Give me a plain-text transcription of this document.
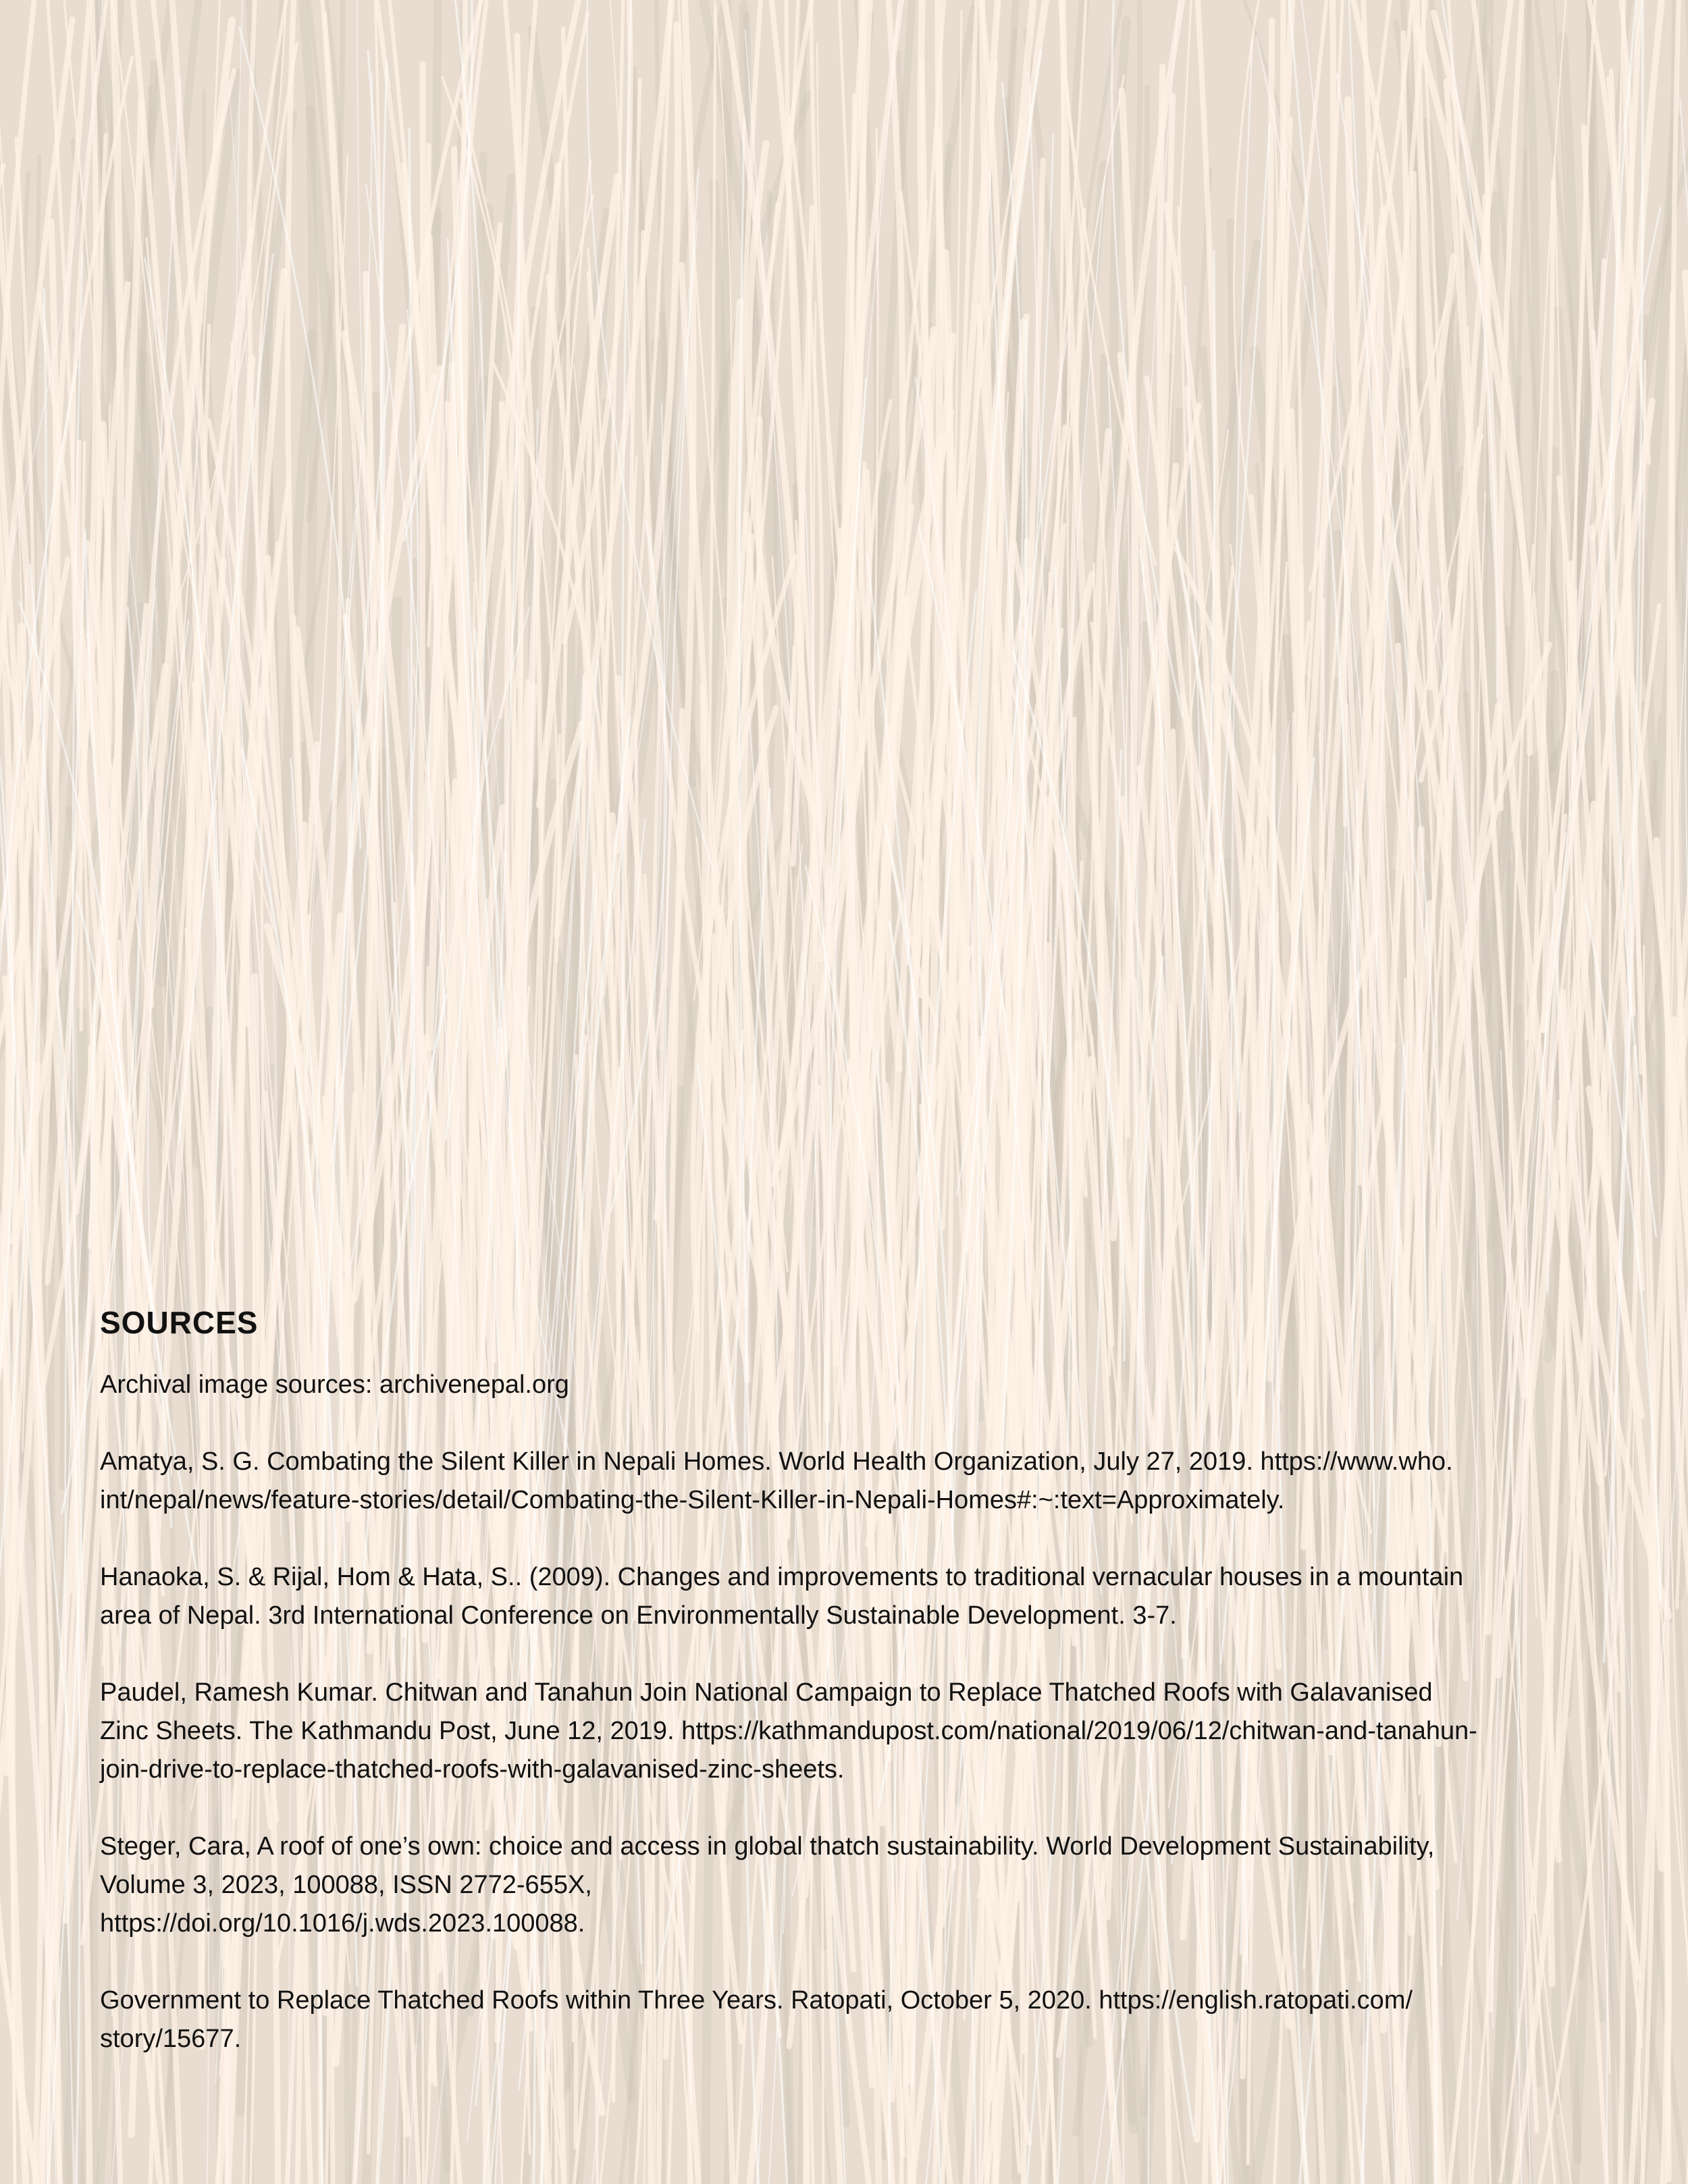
SOURCES

Archival image sources: archivenepal.org

Amatya, S. G. Combating the Silent Killer in Nepali Homes. World Health Organization, July 27, 2019. https://www.who.
int/nepal/news/feature-stories/detail/Combating-the-Silent-Killer-in-Nepali-Homes#:~:text=Approximately.

Hanaoka, S. & Rijal, Hom & Hata, S.. (2009). Changes and improvements to traditional vernacular houses in a mountain
area of Nepal. 3rd International Conference on Environmentally Sustainable Development. 3-7.

Paudel, Ramesh Kumar. Chitwan and Tanahun Join National Campaign to Replace Thatched Roofs with Galavanised
Zinc Sheets. The Kathmandu Post, June 12, 2019. https://kathmandupost.com/national/2019/06/12/chitwan-and-tanahun-
join-drive-to-replace-thatched-roofs-with-galavanised-zinc-sheets.

Steger, Cara, A roof of one’s own: choice and access in global thatch sustainability. World Development Sustainability,
Volume 3, 2023, 100088, ISSN 2772-655X,
https://doi.org/10.1016/j.wds.2023.100088.

Government to Replace Thatched Roofs within Three Years. Ratopati, October 5, 2020. https://english.ratopati.com/
story/15677.
